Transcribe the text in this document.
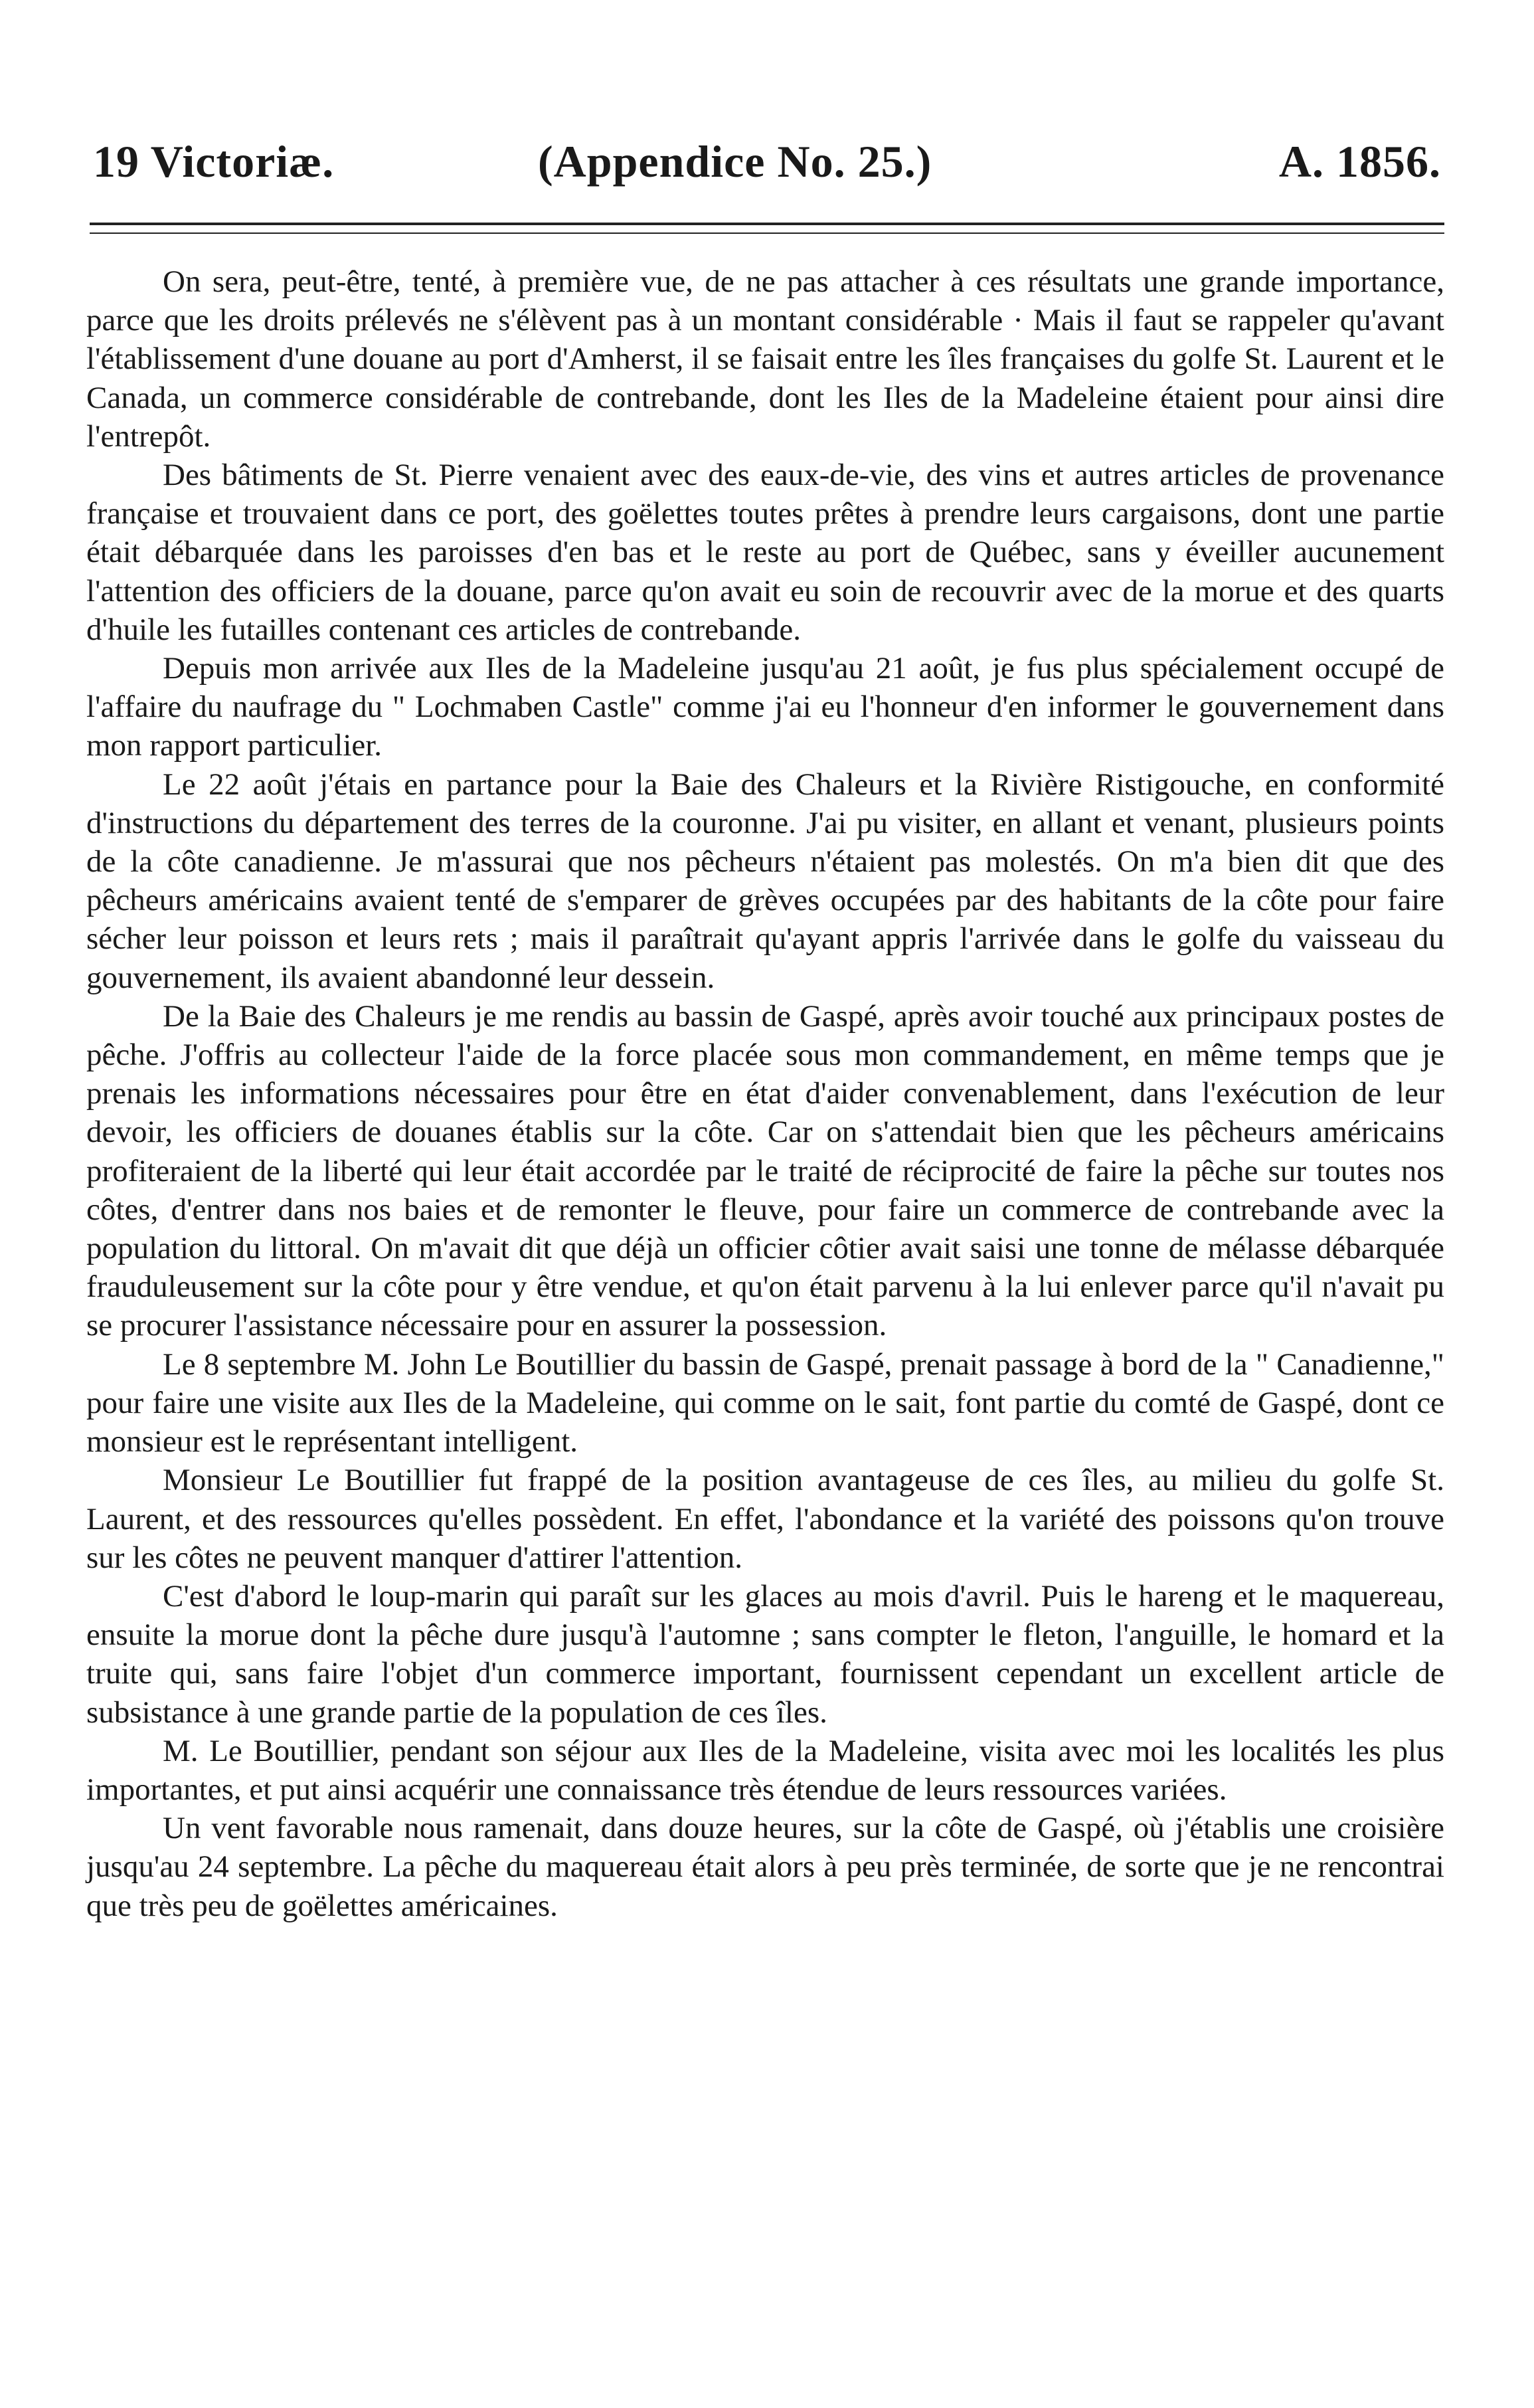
19 Victoriæ.	(Appendice No. 25.)	A. 1856.

On sera, peut-être, tenté, à première vue, de ne pas attacher à ces résultats une grande importance, parce que les droits prélevés ne s'élèvent pas à un montant considérable · Mais il faut se rappeler qu'avant l'établissement d'une douane au port d'Amherst, il se faisait entre les îles françaises du golfe St. Laurent et le Canada, un commerce considérable de contrebande, dont les Iles de la Madeleine étaient pour ainsi dire l'entrepôt.

Des bâtiments de St. Pierre venaient avec des eaux-de-vie, des vins et autres articles de provenance française et trouvaient dans ce port, des goëlettes toutes prêtes à prendre leurs cargaisons, dont une partie était débarquée dans les paroisses d'en bas et le reste au port de Québec, sans y éveiller aucunement l'attention des officiers de la douane, parce qu'on avait eu soin de recouvrir avec de la morue et des quarts d'huile les futailles contenant ces articles de contrebande.

Depuis mon arrivée aux Iles de la Madeleine jusqu'au 21 août, je fus plus spécialement occupé de l'affaire du naufrage du " Lochmaben Castle" comme j'ai eu l'honneur d'en informer le gouvernement dans mon rapport particulier.

Le 22 août j'étais en partance pour la Baie des Chaleurs et la Rivière Ristigouche, en conformité d'instructions du département des terres de la couronne. J'ai pu visiter, en allant et venant, plusieurs points de la côte canadienne. Je m'assurai que nos pêcheurs n'étaient pas molestés. On m'a bien dit que des pêcheurs américains avaient tenté de s'emparer de grèves occupées par des habitants de la côte pour faire sécher leur poisson et leurs rets ; mais il paraîtrait qu'ayant appris l'arrivée dans le golfe du vaisseau du gouvernement, ils avaient abandonné leur dessein.

De la Baie des Chaleurs je me rendis au bassin de Gaspé, après avoir touché aux principaux postes de pêche. J'offris au collecteur l'aide de la force placée sous mon commandement, en même temps que je prenais les informations nécessaires pour être en état d'aider convenablement, dans l'exécution de leur devoir, les officiers de douanes établis sur la côte. Car on s'attendait bien que les pêcheurs américains profiteraient de la liberté qui leur était accordée par le traité de réciprocité de faire la pêche sur toutes nos côtes, d'entrer dans nos baies et de remonter le fleuve, pour faire un commerce de contrebande avec la population du littoral. On m'avait dit que déjà un officier côtier avait saisi une tonne de mélasse débarquée frauduleusement sur la côte pour y être vendue, et qu'on était parvenu à la lui enlever parce qu'il n'avait pu se procurer l'assistance nécessaire pour en assurer la possession.

Le 8 septembre M. John Le Boutillier du bassin de Gaspé, prenait passage à bord de la " Canadienne," pour faire une visite aux Iles de la Madeleine, qui comme on le sait, font partie du comté de Gaspé, dont ce monsieur est le représentant intelligent.

Monsieur Le Boutillier fut frappé de la position avantageuse de ces îles, au milieu du golfe St. Laurent, et des ressources qu'elles possèdent. En effet, l'abondance et la variété des poissons qu'on trouve sur les côtes ne peuvent manquer d'attirer l'attention.

C'est d'abord le loup-marin qui paraît sur les glaces au mois d'avril. Puis le hareng et le maquereau, ensuite la morue dont la pêche dure jusqu'à l'automne ; sans compter le fleton, l'anguille, le homard et la truite qui, sans faire l'objet d'un commerce important, fournissent cependant un excellent article de subsistance à une grande partie de la population de ces îles.

M. Le Boutillier, pendant son séjour aux Iles de la Madeleine, visita avec moi les localités les plus importantes, et put ainsi acquérir une connaissance très étendue de leurs ressources variées.

Un vent favorable nous ramenait, dans douze heures, sur la côte de Gaspé, où j'établis une croisière jusqu'au 24 septembre. La pêche du maquereau était alors à peu près terminée, de sorte que je ne rencontrai que très peu de goëlettes américaines.
